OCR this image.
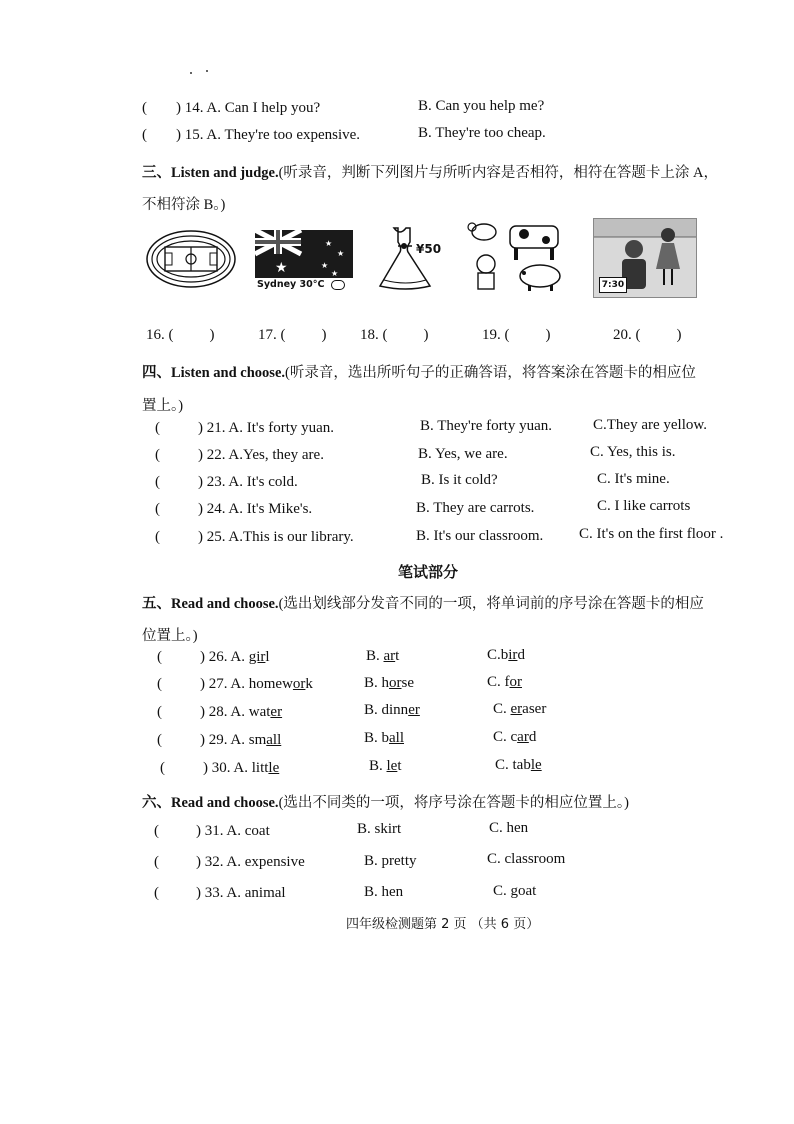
( ) 14. A. Can I help you?	B. Can you help me?
( ) 15. A. They're too expensive.	B. They're too cheap.
三、Listen and judge.(听录音，判断下列图片与所听内容是否相符，相符在答题卡上涂 A，
不相符涂 B。)
★
★
★
★
★
Sydney 30°C
¥50
7:30
16. ( )	17. ( ) 18. ( )	19. ( )	20. ( )
四、Listen and choose.(听录音，选出所听句子的正确答语，将答案涂在答题卡的相应位
置上。)
(	) 21. A. It's forty yuan.	B. They're forty yuan.	C.They are yellow.
(	) 22. A.Yes, they are.	B. Yes, we are.	C. Yes, this is.
(	) 23. A. It's cold.	B. Is it cold?	C. It's mine.
(	) 24. A. It's Mike's.	B. They are carrots.	C. I like carrots
(	) 25. A.This is our library.	B. It's our classroom. C. It's on the first floor .
笔试部分
五、Read and choose.(选出划线部分发音不同的一项，将单词前的序号涂在答题卡的相应
位置上。)
(	) 26. A. girl	B. art	C.bird
(	) 27. A. homework	B. horse	C. for
(	) 28. A. water	B. dinner	C. eraser
(	) 29. A. small	B. ball	C. card
(	) 30. A. little	B. let	C. table
六、Read and choose.(选出不同类的一项，将序号涂在答题卡的相应位置上。)
( ) 31. A. coat	B. skirt	C. hen
( ) 32. A. expensive	B. pretty	C. classroom
( ) 33. A. animal	B. hen	C. goat
四年级检测题第 2 页 （共 6 页）
